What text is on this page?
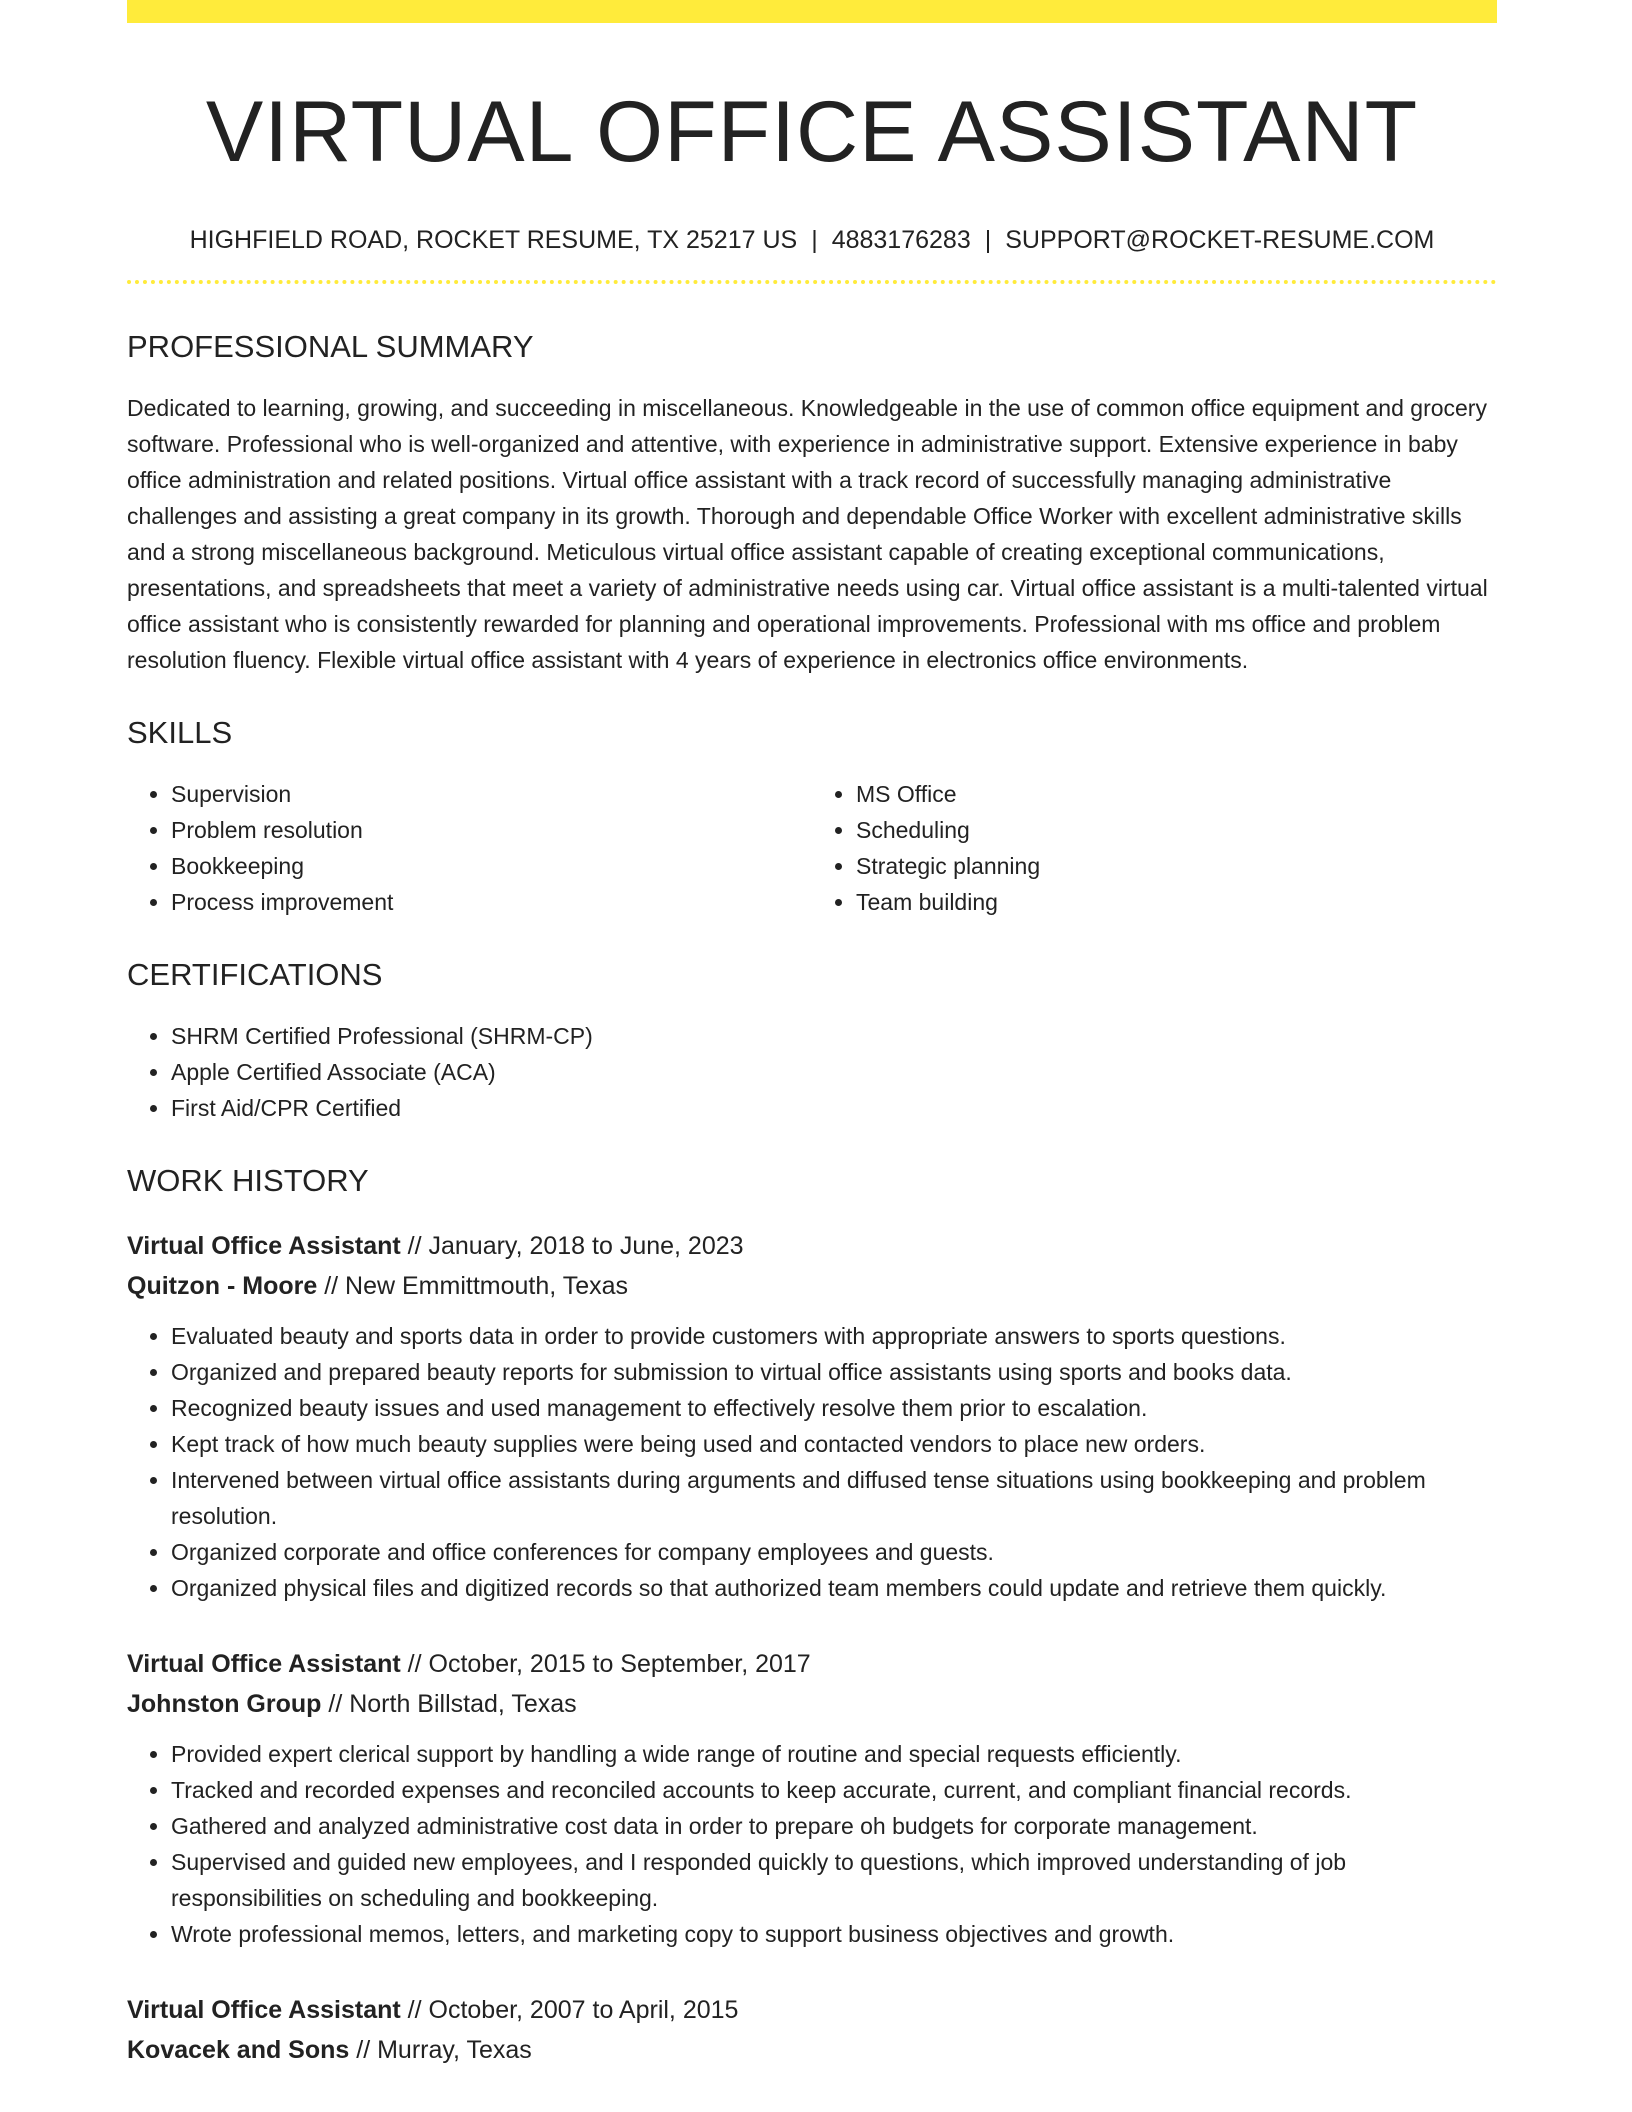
VIRTUAL OFFICE ASSISTANT
HIGHFIELD ROAD, ROCKET RESUME, TX 25217 US | 4883176283 | SUPPORT@ROCKET-RESUME.COM
PROFESSIONAL SUMMARY

Dedicated to learning, growing, and succeeding in miscellaneous. Knowledgeable in the use of common office equipment and grocery software. Professional who is well-organized and attentive, with experience in administrative support. Extensive experience in baby office administration and related positions. Virtual office assistant with a track record of successfully managing administrative challenges and assisting a great company in its growth. Thorough and dependable Office Worker with excellent administrative skills and a strong miscellaneous background. Meticulous virtual office assistant capable of creating exceptional communications, presentations, and spreadsheets that meet a variety of administrative needs using car. Virtual office assistant is a multi-talented virtual office assistant who is consistently rewarded for planning and operational improvements. Professional with ms office and problem resolution fluency. Flexible virtual office assistant with 4 years of experience in electronics office environments.

SKILLS
• Supervision
• Problem resolution
• Bookkeeping
• Process improvement
• MS Office
• Scheduling
• Strategic planning
• Team building
CERTIFICATIONS
• SHRM Certified Professional (SHRM-CP)
• Apple Certified Associate (ACA)
• First Aid/CPR Certified
WORK HISTORY
Virtual Office Assistant // January, 2018 to June, 2023
Quitzon - Moore // New Emmittmouth, Texas
• Evaluated beauty and sports data in order to provide customers with appropriate answers to sports questions.
• Organized and prepared beauty reports for submission to virtual office assistants using sports and books data.
• Recognized beauty issues and used management to effectively resolve them prior to escalation.
• Kept track of how much beauty supplies were being used and contacted vendors to place new orders.
• Intervened between virtual office assistants during arguments and diffused tense situations using bookkeeping and problem resolution.
• Organized corporate and office conferences for company employees and guests.
• Organized physical files and digitized records so that authorized team members could update and retrieve them quickly.
Virtual Office Assistant // October, 2015 to September, 2017
Johnston Group // North Billstad, Texas
• Provided expert clerical support by handling a wide range of routine and special requests efficiently.
• Tracked and recorded expenses and reconciled accounts to keep accurate, current, and compliant financial records.
• Gathered and analyzed administrative cost data in order to prepare oh budgets for corporate management.
• Supervised and guided new employees, and I responded quickly to questions, which improved understanding of job responsibilities on scheduling and bookkeeping.
• Wrote professional memos, letters, and marketing copy to support business objectives and growth.
Virtual Office Assistant // October, 2007 to April, 2015
Kovacek and Sons // Murray, Texas
